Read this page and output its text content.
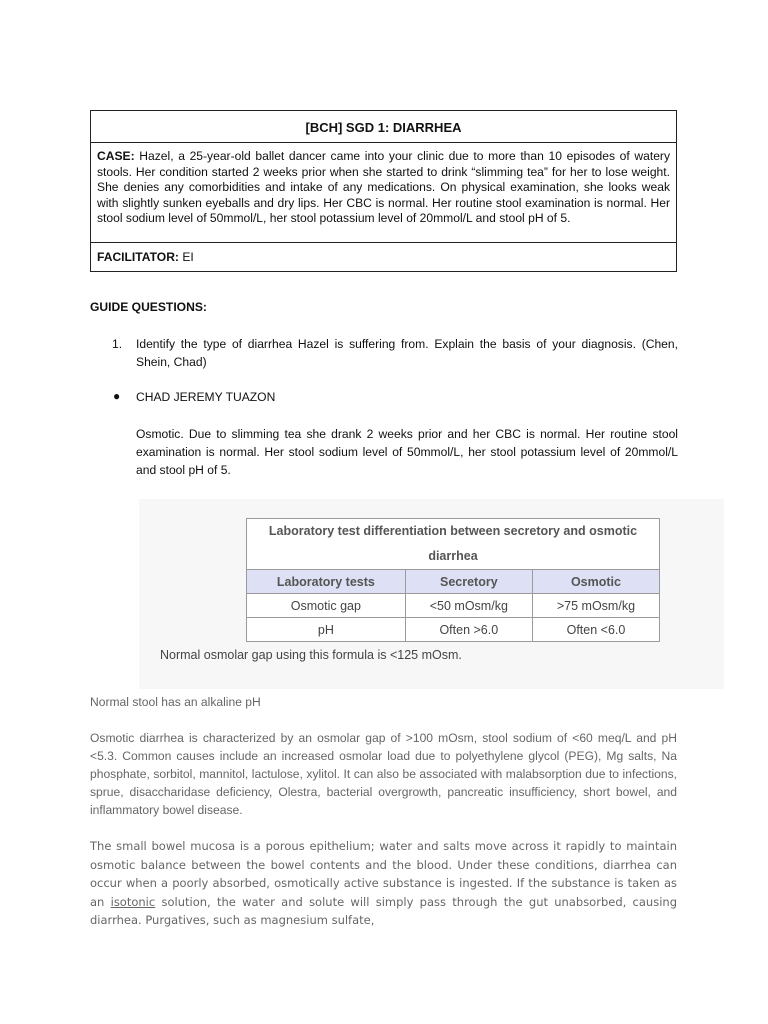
[BCH] SGD 1: DIARRHEA
CASE: Hazel, a 25-year-old ballet dancer came into your clinic due to more than 10 episodes of watery stools. Her condition started 2 weeks prior when she started to drink “slimming tea” for her to lose weight. She denies any comorbidities and intake of any medications. On physical examination, she looks weak with slightly sunken eyeballs and dry lips. Her CBC is normal. Her routine stool examination is normal. Her stool sodium level of 50mmol/L, her stool potassium level of 20mmol/L and stool pH of 5.
FACILITATOR: EI
GUIDE QUESTIONS:
1. Identify the type of diarrhea Hazel is suffering from. Explain the basis of your diagnosis. (Chen, Shein, Chad)
● CHAD JEREMY TUAZON
Osmotic. Due to slimming tea she drank 2 weeks prior and her CBC is normal. Her routine stool examination is normal. Her stool sodium level of 50mmol/L, her stool potassium level of 20mmol/L and stool pH of 5.
Laboratory test differentiation between secretory and osmotic diarrhea		
Laboratory tests	Secretory	Osmotic
Osmotic gap	<50 mOsm/kg	>75 mOsm/kg
pH	Often >6.0	Often <6.0
Normal osmolar gap using this formula is <125 mOsm.
Normal stool has an alkaline pH
Osmotic diarrhea is characterized by an osmolar gap of >100 mOsm, stool sodium of <60 meq/L and pH <5.3. Common causes include an increased osmolar load due to polyethylene glycol (PEG), Mg salts, Na phosphate, sorbitol, mannitol, lactulose, xylitol. It can also be associated with malabsorption due to infections, sprue, disaccharidase deficiency, Olestra, bacterial overgrowth, pancreatic insufficiency, short bowel, and inflammatory bowel disease.
The small bowel mucosa is a porous epithelium; water and salts move across it rapidly to maintain osmotic balance between the bowel contents and the blood. Under these conditions, diarrhea can occur when a poorly absorbed, osmotically active substance is ingested. If the substance is taken as an isotonic solution, the water and solute will simply pass through the gut unabsorbed, causing diarrhea. Purgatives, such as magnesium sulfate,
